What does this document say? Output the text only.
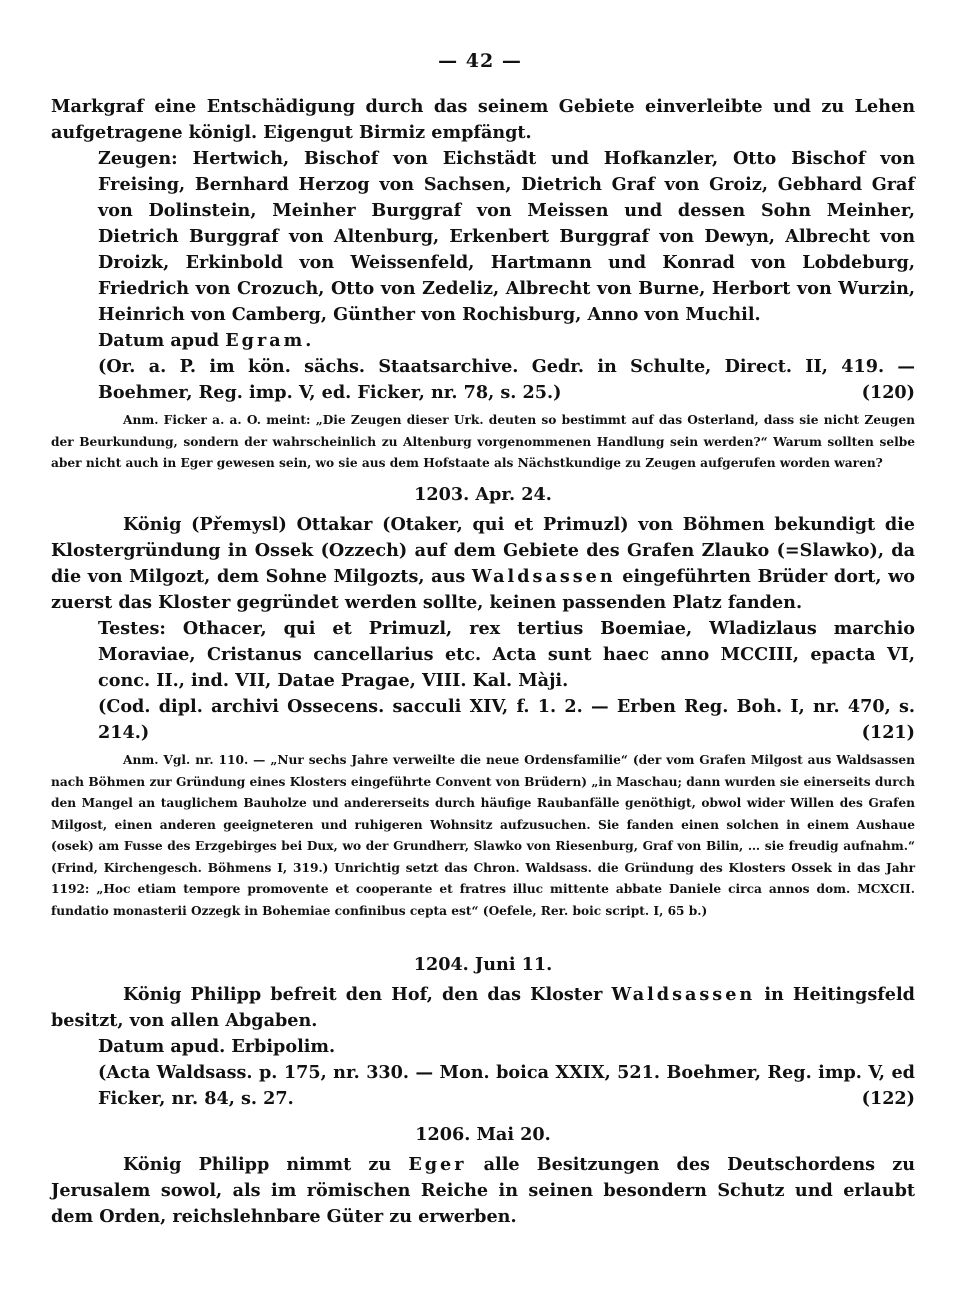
— 42 —

Markgraf eine Entschädigung durch das seinem Gebiete einverleibte und zu Lehen aufgetragene königl. Eigengut Birmiz empfängt.

Zeugen: Hertwich, Bischof von Eichstädt und Hofkanzler, Otto Bischof von Freising, Bernhard Herzog von Sachsen, Dietrich Graf von Groiz, Gebhard Graf von Dolinstein, Meinher Burggraf von Meissen und dessen Sohn Meinher, Dietrich Burggraf von Altenburg, Erkenbert Burggraf von Dewyn, Albrecht von Droizk, Erkinbold von Weissenfeld, Hartmann und Konrad von Lobdeburg, Friedrich von Crozuch, Otto von Zedeliz, Albrecht von Burne, Herbort von Wurzin, Heinrich von Camberg, Günther von Rochisburg, Anno von Muchil.

Datum apud Egram.

(Or. a. P. im kön. sächs. Staatsarchive. Gedr. in Schulte, Direct. II, 419. — Boehmer, Reg. imp. V, ed. Ficker, nr. 78, s. 25.)	(120)

Anm. Ficker a. a. O. meint: „Die Zeugen dieser Urk. deuten so bestimmt auf das Osterland, dass sie nicht Zeugen der Beurkundung, sondern der wahrscheinlich zu Altenburg vorgenommenen Handlung sein werden?“ Warum sollten selbe aber nicht auch in Eger gewesen sein, wo sie aus dem Hofstaate als Nächstkundige zu Zeugen aufgerufen worden waren?

1203. Apr. 24.

König (Přemysl) Ottakar (Otaker, qui et Primuzl) von Böhmen bekundigt die Klostergründung in Ossek (Ozzech) auf dem Gebiete des Grafen Zlauko (=Slawko), da die von Milgozt, dem Sohne Milgozts, aus Waldsassen eingeführten Brüder dort, wo zuerst das Kloster gegründet werden sollte, keinen passenden Platz fanden.

Testes: Othacer, qui et Primuzl, rex tertius Boemiae, Wladizlaus marchio Moraviae, Cristanus cancellarius etc. Acta sunt haec anno MCCIII, epacta VI, conc. II., ind. VII, Datae Pragae, VIII. Kal. Màji.

(Cod. dipl. archivi Ossecens. sacculi XIV, f. 1. 2. — Erben Reg. Boh. I, nr. 470, s. 214.)	(121)

Anm. Vgl. nr. 110. — „Nur sechs Jahre verweilte die neue Ordensfamilie“ (der vom Grafen Milgost aus Waldsassen nach Böhmen zur Gründung eines Klosters eingeführte Convent von Brüdern) „in Maschau; dann wurden sie einerseits durch den Mangel an tauglichem Bauholze und andererseits durch häufige Raubanfälle genöthigt, obwol wider Willen des Grafen Milgost, einen anderen geeigneteren und ruhigeren Wohnsitz aufzusuchen. Sie fanden einen solchen in einem Aushaue (osek) am Fusse des Erzgebirges bei Dux, wo der Grundherr, Slawko von Riesenburg, Graf von Bilin, … sie freudig aufnahm.“ (Frind, Kirchengesch. Böhmens I, 319.) Unrichtig setzt das Chron. Waldsass. die Gründung des Klosters Ossek in das Jahr 1192: „Hoc etiam tempore promovente et cooperante et fratres illuc mittente abbate Daniele circa annos dom. MCXCII. fundatio monasterii Ozzegk in Bohemiae confinibus cepta est“ (Oefele, Rer. boic script. I, 65 b.)

1204. Juni 11.

König Philipp befreit den Hof, den das Kloster Waldsassen in Heitingsfeld besitzt, von allen Abgaben.

Datum apud. Erbipolim.

(Acta Waldsass. p. 175, nr. 330. — Mon. boica XXIX, 521. Boehmer, Reg. imp. V, ed Ficker, nr. 84, s. 27.	(122)

1206. Mai 20.

König Philipp nimmt zu Eger alle Besitzungen des Deutschordens zu Jerusalem sowol, als im römischen Reiche in seinen besondern Schutz und erlaubt dem Orden, reichslehnbare Güter zu erwerben.
